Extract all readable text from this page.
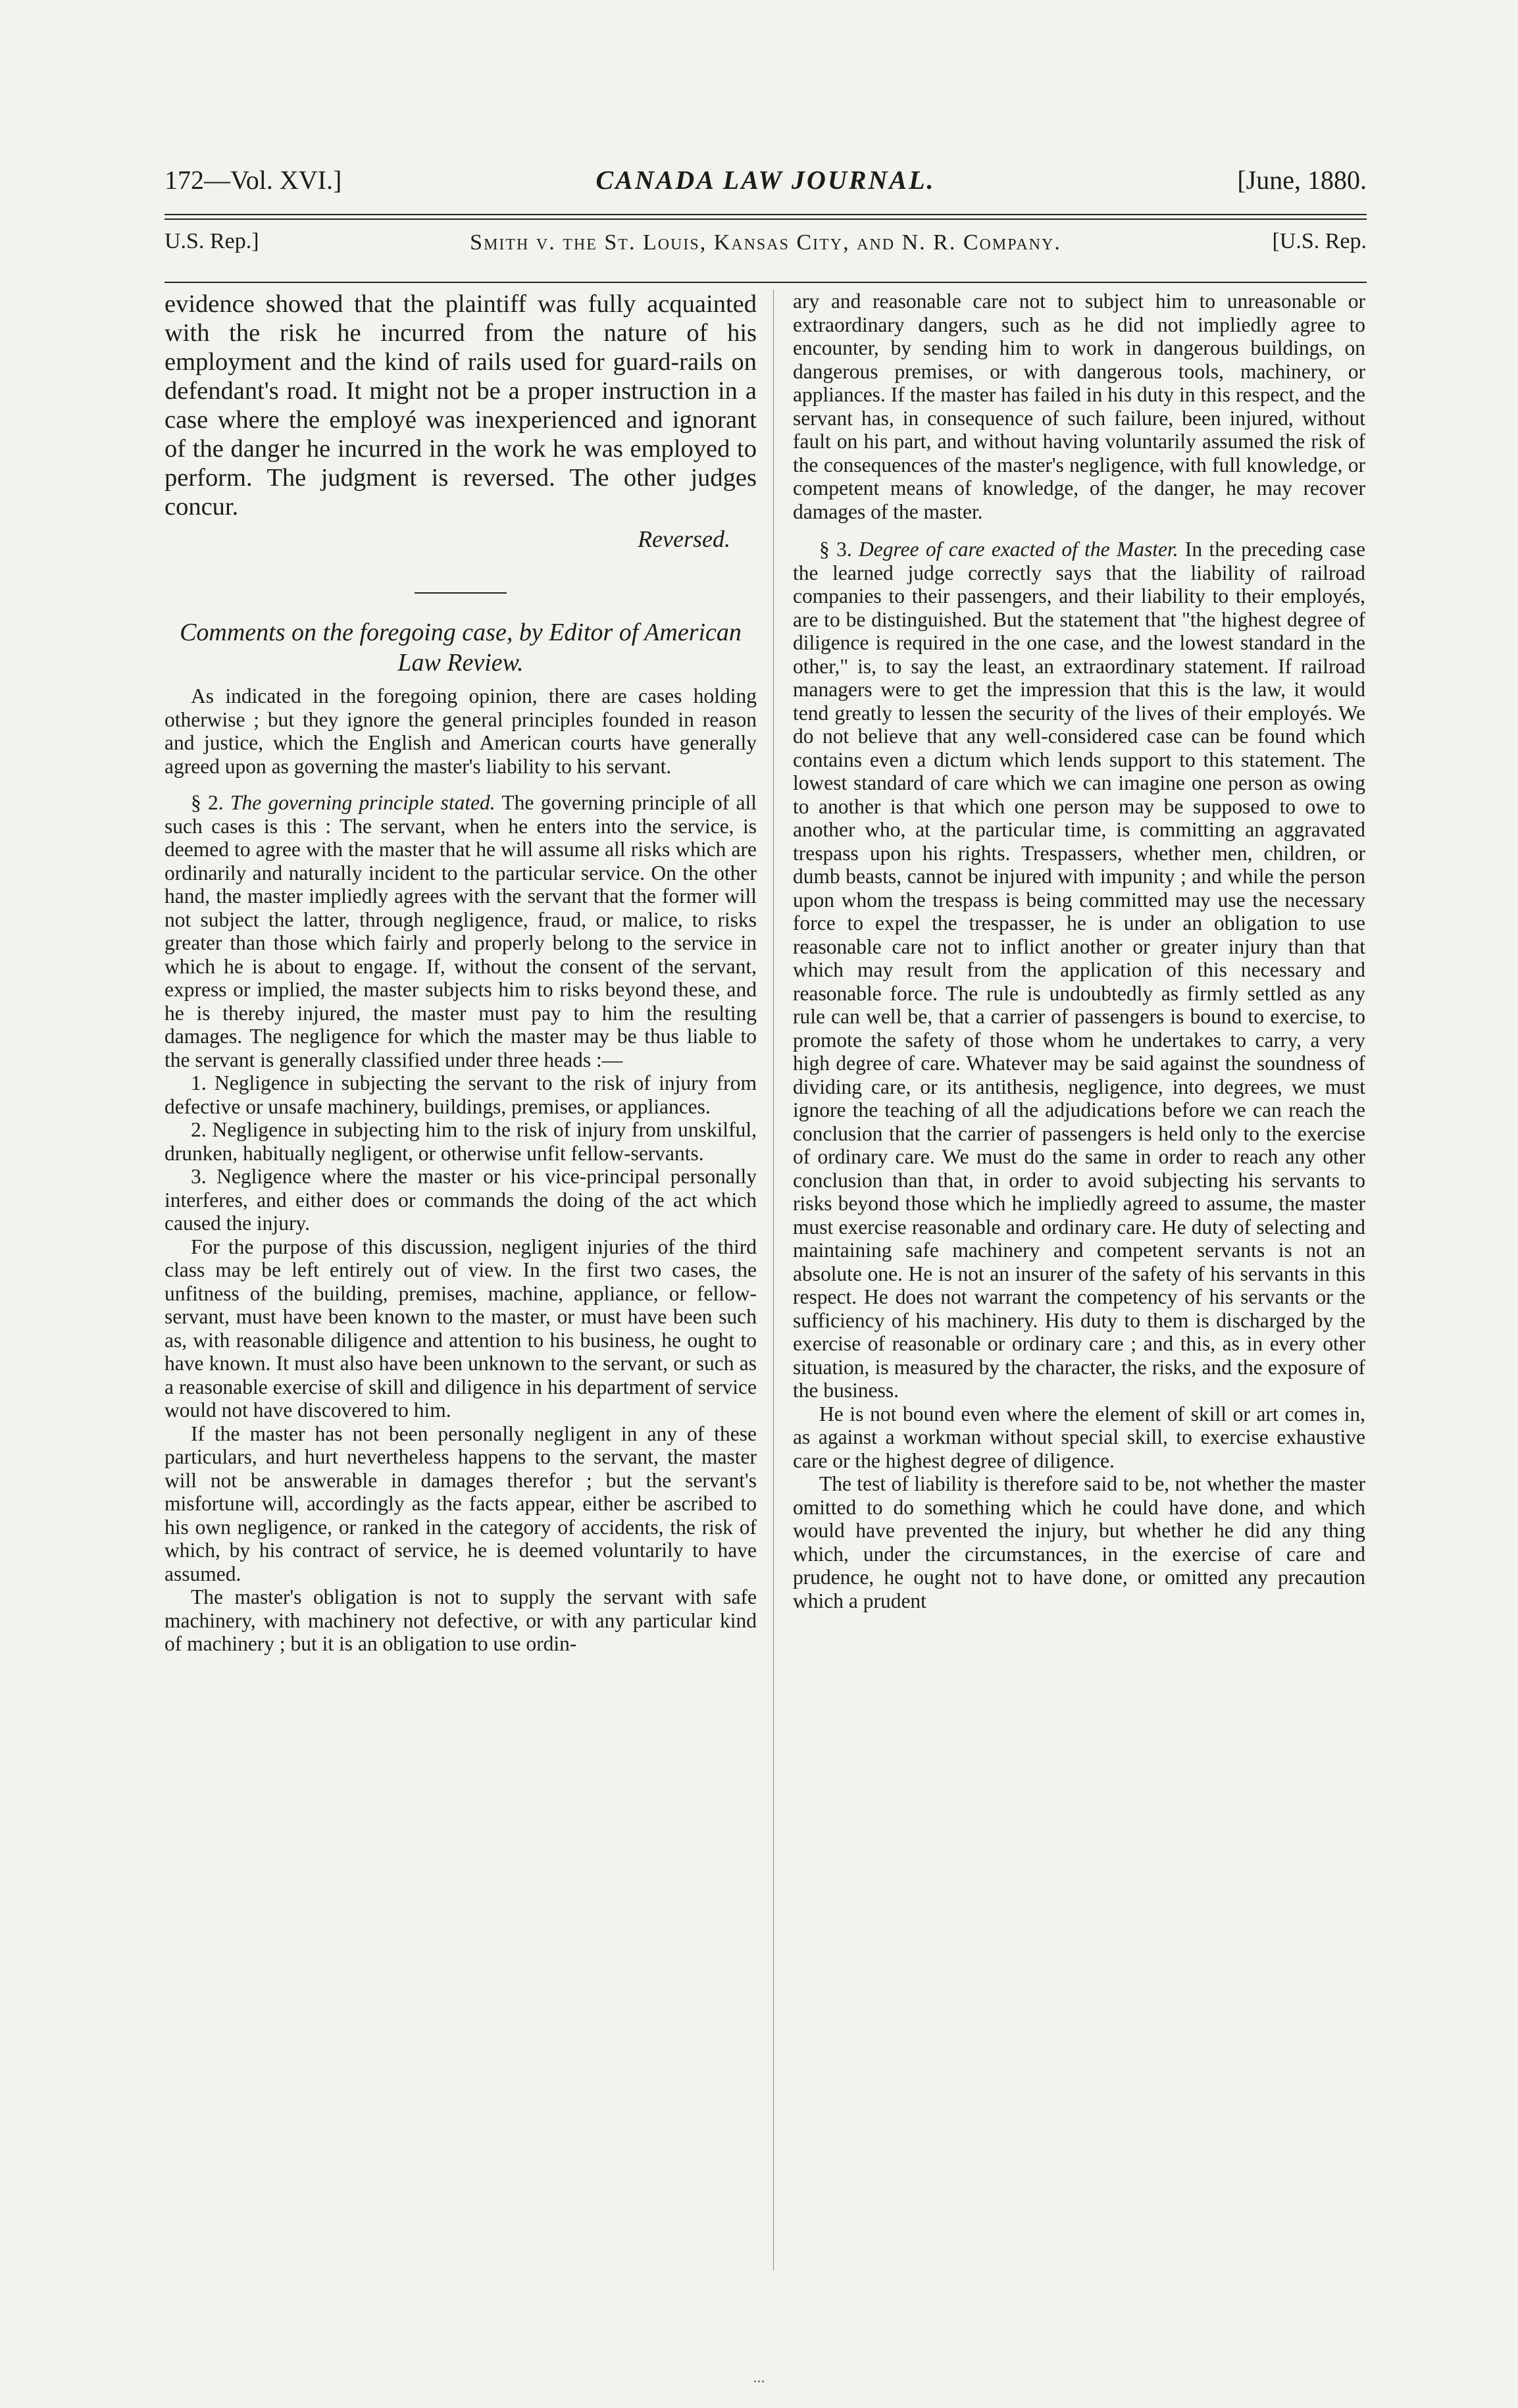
172—Vol. XVI.]	CANADA LAW JOURNAL.	[June, 1880.
U.S. Rep.]	Smith v. the St. Louis, Kansas City, and N. R. Company.	[U.S. Rep.

evidence showed that the plaintiff was fully acquainted with the risk he incurred from the nature of his employment and the kind of rails used for guard-rails on defendant's road. It might not be a proper instruction in a case where the employé was inexperienced and ignorant of the danger he incurred in the work he was employed to perform. The judgment is reversed. The other judges concur.

Reversed.

Comments on the foregoing case, by Editor of American Law Review.

As indicated in the foregoing opinion, there are cases holding otherwise ; but they ignore the general principles founded in reason and justice, which the English and American courts have generally agreed upon as governing the master's liability to his servant.

§ 2. The governing principle stated. The governing principle of all such cases is this : The servant, when he enters into the service, is deemed to agree with the master that he will assume all risks which are ordinarily and naturally incident to the particular service. On the other hand, the master impliedly agrees with the servant that the former will not subject the latter, through negligence, fraud, or malice, to risks greater than those which fairly and properly belong to the service in which he is about to engage. If, without the consent of the servant, express or implied, the master subjects him to risks beyond these, and he is thereby injured, the master must pay to him the resulting damages. The negligence for which the master may be thus liable to the servant is generally classified under three heads :—

1. Negligence in subjecting the servant to the risk of injury from defective or unsafe machinery, buildings, premises, or appliances.

2. Negligence in subjecting him to the risk of injury from unskilful, drunken, habitually negligent, or otherwise unfit fellow-servants.

3. Negligence where the master or his vice-principal personally interferes, and either does or commands the doing of the act which caused the injury.

For the purpose of this discussion, negligent injuries of the third class may be left entirely out of view. In the first two cases, the unfitness of the building, premises, machine, appliance, or fellow-servant, must have been known to the master, or must have been such as, with reasonable diligence and attention to his business, he ought to have known. It must also have been unknown to the servant, or such as a reasonable exercise of skill and diligence in his department of service would not have discovered to him.

If the master has not been personally negligent in any of these particulars, and hurt nevertheless happens to the servant, the master will not be answerable in damages therefor ; but the servant's misfortune will, accordingly as the facts appear, either be ascribed to his own negligence, or ranked in the category of accidents, the risk of which, by his contract of service, he is deemed voluntarily to have assumed.

The master's obligation is not to supply the servant with safe machinery, with machinery not defective, or with any particular kind of machinery ; but it is an obligation to use ordin-

ary and reasonable care not to subject him to unreasonable or extraordinary dangers, such as he did not impliedly agree to encounter, by sending him to work in dangerous buildings, on dangerous premises, or with dangerous tools, machinery, or appliances. If the master has failed in his duty in this respect, and the servant has, in consequence of such failure, been injured, without fault on his part, and without having voluntarily assumed the risk of the consequences of the master's negligence, with full knowledge, or competent means of knowledge, of the danger, he may recover damages of the master.

§ 3. Degree of care exacted of the Master. In the preceding case the learned judge correctly says that the liability of railroad companies to their passengers, and their liability to their employés, are to be distinguished. But the statement that "the highest degree of diligence is required in the one case, and the lowest standard in the other," is, to say the least, an extraordinary statement. If railroad managers were to get the impression that this is the law, it would tend greatly to lessen the security of the lives of their employés. We do not believe that any well-considered case can be found which contains even a dictum which lends support to this statement. The lowest standard of care which we can imagine one person as owing to another is that which one person may be supposed to owe to another who, at the particular time, is committing an aggravated trespass upon his rights. Trespassers, whether men, children, or dumb beasts, cannot be injured with impunity ; and while the person upon whom the trespass is being committed may use the necessary force to expel the trespasser, he is under an obligation to use reasonable care not to inflict another or greater injury than that which may result from the application of this necessary and reasonable force. The rule is undoubtedly as firmly settled as any rule can well be, that a carrier of passengers is bound to exercise, to promote the safety of those whom he undertakes to carry, a very high degree of care. Whatever may be said against the soundness of dividing care, or its antithesis, negligence, into degrees, we must ignore the teaching of all the adjudications before we can reach the conclusion that the carrier of passengers is held only to the exercise of ordinary care. We must do the same in order to reach any other conclusion than that, in order to avoid subjecting his servants to risks beyond those which he impliedly agreed to assume, the master must exercise reasonable and ordinary care. He duty of selecting and maintaining safe machinery and competent servants is not an absolute one. He is not an insurer of the safety of his servants in this respect. He does not warrant the competency of his servants or the sufficiency of his machinery. His duty to them is discharged by the exercise of reasonable or ordinary care ; and this, as in every other situation, is measured by the character, the risks, and the exposure of the business.

He is not bound even where the element of skill or art comes in, as against a workman without special skill, to exercise exhaustive care or the highest degree of diligence.

The test of liability is therefore said to be, not whether the master omitted to do something which he could have done, and which would have prevented the injury, but whether he did any thing which, under the circumstances, in the exercise of care and prudence, he ought not to have done, or omitted any precaution which a prudent

...
